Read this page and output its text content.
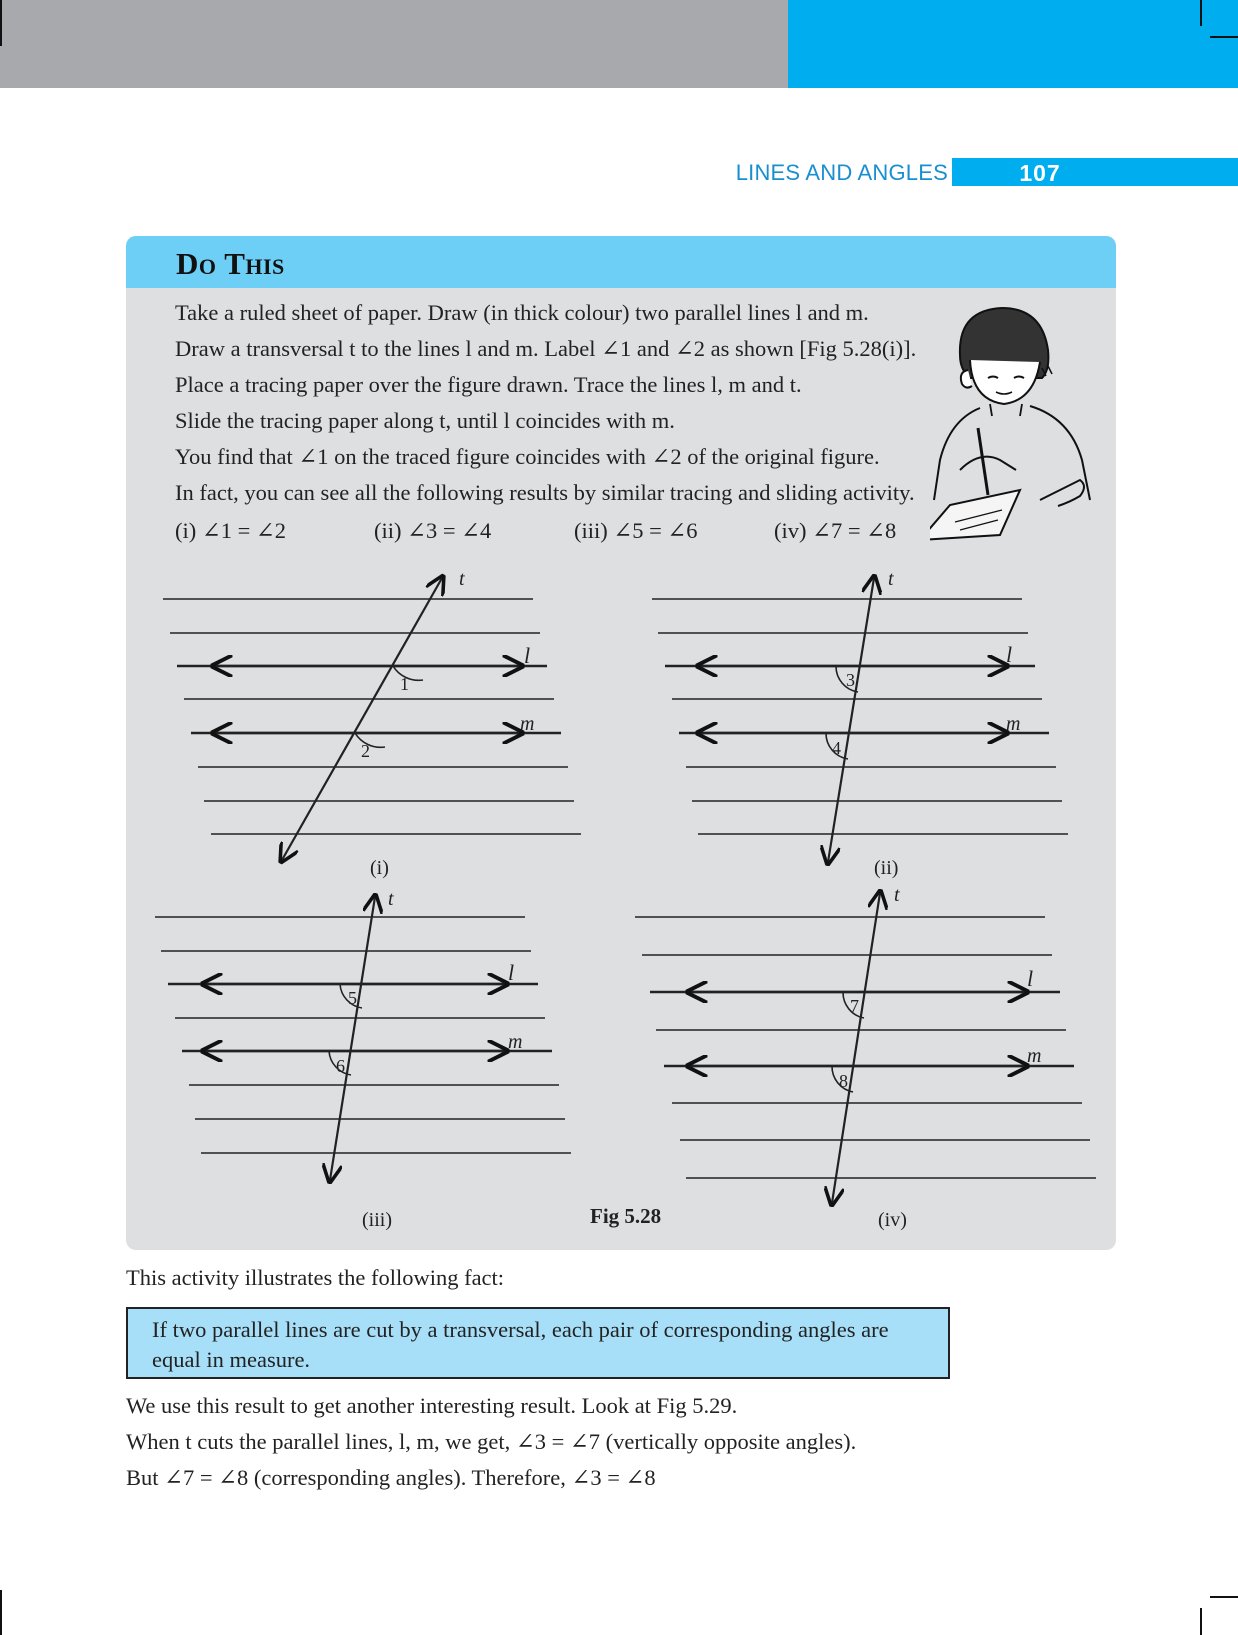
LINES AND ANGLES	107
Do This
Take a ruled sheet of paper. Draw (in thick colour) two parallel lines l and m.
Draw a transversal t to the lines l and m. Label ∠1 and ∠2 as shown [Fig 5.28(i)].
Place a tracing paper over the figure drawn. Trace the lines l, m and t.
Slide the tracing paper along t, until l coincides with m.
You find that ∠1 on the traced figure coincides with ∠2 of the original figure.
In fact, you can see all the following results by similar tracing and sliding activity.
(i) ∠1 = ∠2	(ii) ∠3 = ∠4	(iii) ∠5 = ∠6	(iv) ∠7 = ∠8
t
l
m
1
2
(i)
t
l
m
3
4
(ii)
t
l
m
5
6
(iii)
t
l
m
7
8
(iv)
Fig 5.28
This activity illustrates the following fact:
If two parallel lines are cut by a transversal, each pair of corresponding angles are equal in measure.
We use this result to get another interesting result. Look at Fig 5.29.
When t cuts the parallel lines, l, m, we get, ∠3 = ∠7 (vertically opposite angles).
But ∠7 = ∠8 (corresponding angles). Therefore, ∠3 = ∠8
